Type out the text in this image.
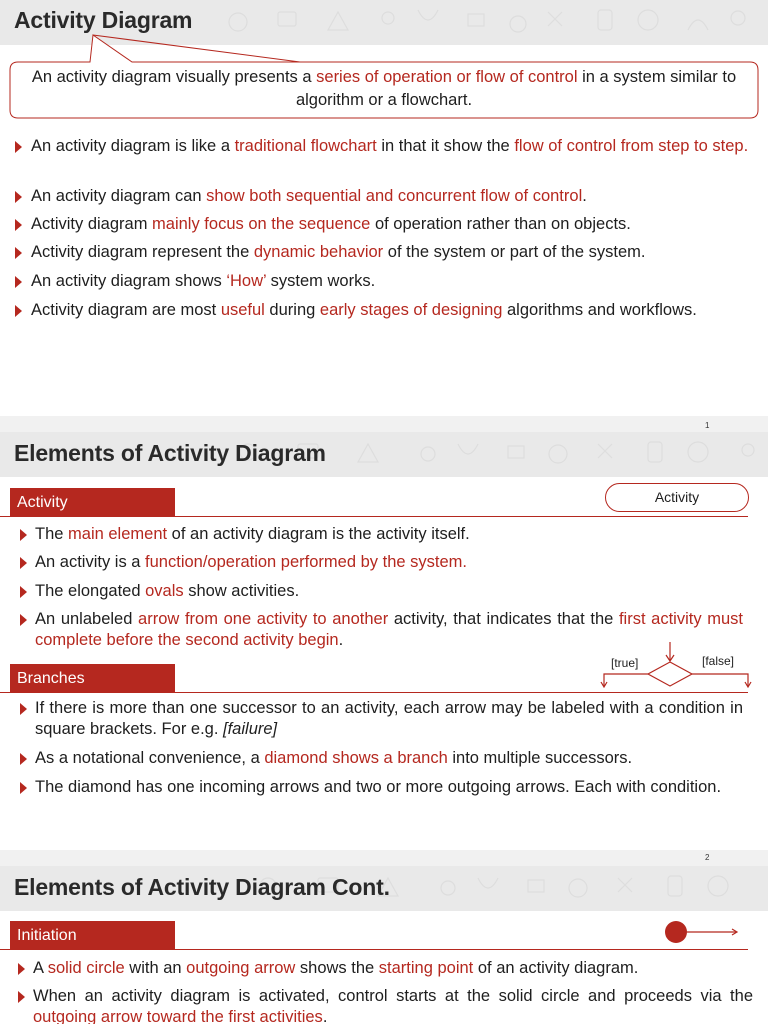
Activity Diagram
An activity diagram visually presents a series of operation or flow of control in a system similar to algorithm or a flowchart.
An activity diagram is like a traditional flowchart in that it show the flow of control from step to step.
An activity diagram can show both sequential and concurrent flow of control.
Activity diagram mainly focus on the sequence of operation rather than on objects.
Activity diagram represent the dynamic behavior of the system or part of the system.
An activity diagram shows ‘How’ system works.
Activity diagram are most useful during early stages of designing algorithms and workflows.
1
Elements of Activity Diagram
Activity	Activity
The main element of an activity diagram is the activity itself.
An activity is a function/operation performed by the system.
The elongated ovals show activities.
An unlabeled arrow from one activity to another activity, that indicates that the first activity must complete before the second activity begin.
Branches
[true]	[false]
If there is more than one successor to an activity, each arrow may be labeled with a condition in square brackets. For e.g. [failure]
As a notational convenience, a diamond shows a branch into multiple successors.
The diamond has one incoming arrows and two or more outgoing arrows. Each with condition.
2
Elements of Activity Diagram Cont.
Initiation
A solid circle with an outgoing arrow shows the starting point of an activity diagram.
When an activity diagram is activated, control starts at the solid circle and proceeds via the outgoing arrow toward the first activities.
